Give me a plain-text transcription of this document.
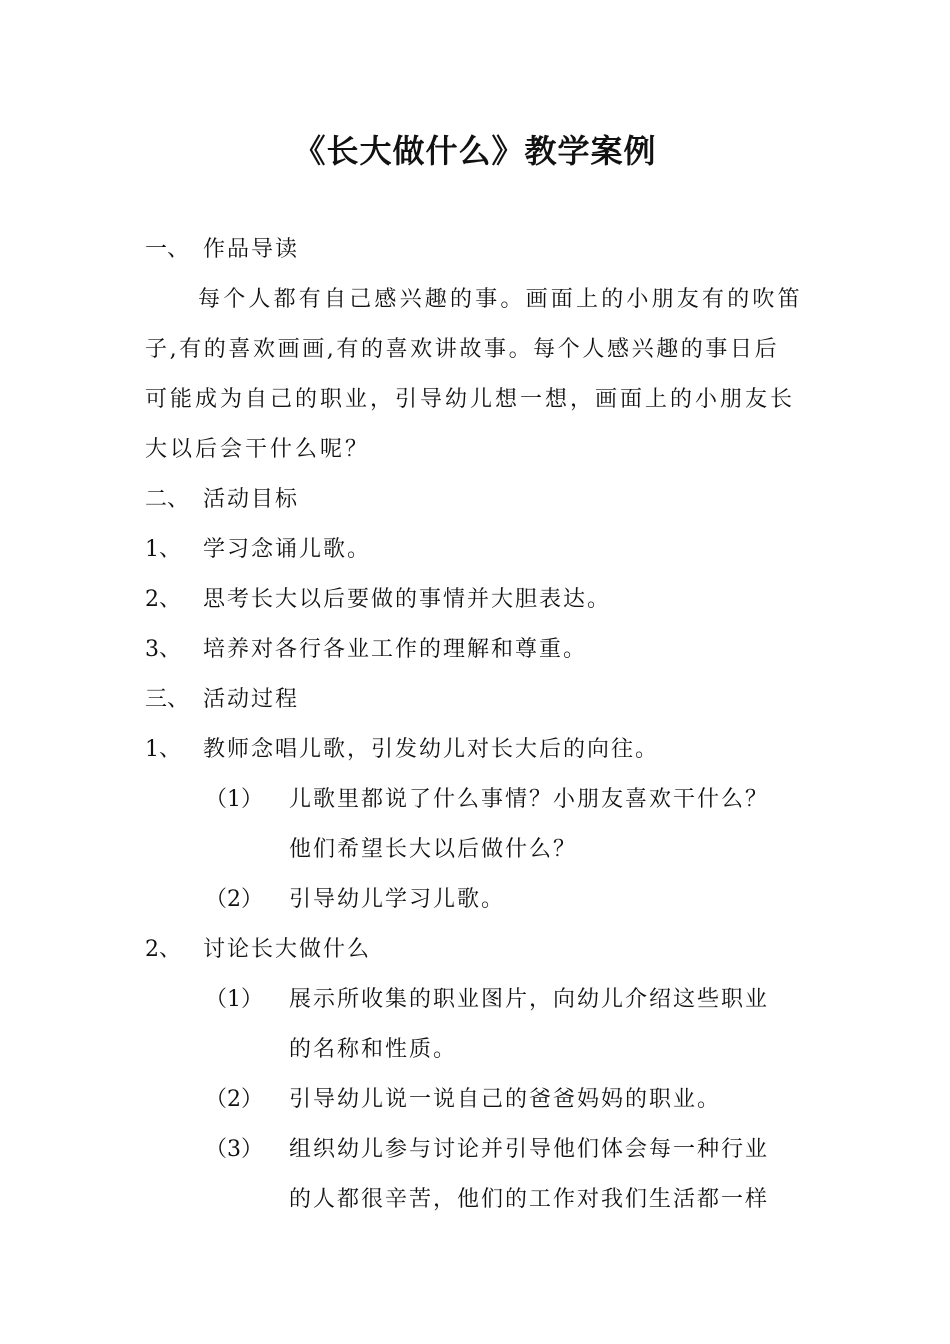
《长大做什么》教学案例
一、 作品导读
每个人都有自己感兴趣的事。画面上的小朋友有的吹笛
子,有的喜欢画画,有的喜欢讲故事。每个人感兴趣的事日后
可能成为自己的职业，引导幼儿想一想，画面上的小朋友长
大以后会干什么呢？
二、 活动目标
1、 学习念诵儿歌。
2、 思考长大以后要做的事情并大胆表达。
3、 培养对各行各业工作的理解和尊重。
三、 活动过程
1、 教师念唱儿歌，引发幼儿对长大后的向往。
（1） 儿歌里都说了什么事情？小朋友喜欢干什么？
他们希望长大以后做什么？
（2） 引导幼儿学习儿歌。
2、 讨论长大做什么
（1） 展示所收集的职业图片，向幼儿介绍这些职业
的名称和性质。
（2） 引导幼儿说一说自己的爸爸妈妈的职业。
（3） 组织幼儿参与讨论并引导他们体会每一种行业
的人都很辛苦，他们的工作对我们生活都一样
